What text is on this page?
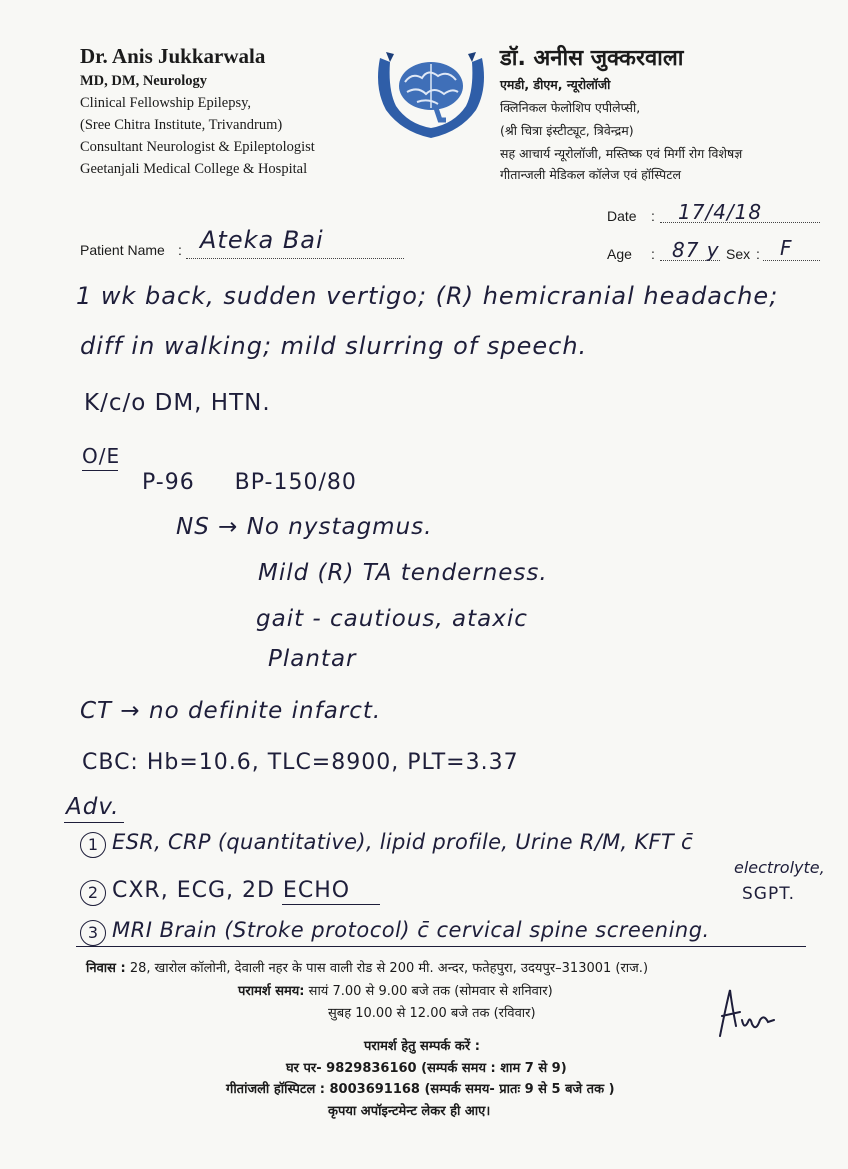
Dr. Anis Jukkarwala
MD, DM, Neurology
Clinical Fellowship Epilepsy,
(Sree Chitra Institute, Trivandrum)
Consultant Neurologist & Epileptologist
Geetanjali Medical College & Hospital
डॉ. अनीस जुक्करवाला
एमडी, डीएम, न्यूरोलॉजी
क्लिनिकल फेलोशिप एपीलेप्सी,
(श्री चित्रा इंस्टीट्यूट, त्रिवेन्द्रम)
सह आचार्य न्यूरोलॉजी, मस्तिष्क एवं मिर्गी रोग विशेषज्ञ
गीतान्जली मेडिकल कॉलेज एवं हॉस्पिटल
Date : 17/4/18
Patient Name : Ateka Bai	Age : 87 y Sex : F
1 wk back, sudden vertigo; (R) hemicranial headache;
diff in walking; mild slurring of speech.
K/c/o DM, HTN.
O/E
P-96     BP-150/80
NS → No nystagmus.
Mild (R) TA tenderness.
gait - cautious, ataxic
Plantar
CT → no definite infarct.
CBC: Hb=10.6, TLC=8900, PLT=3.37
Adv.
1 ESR, CRP (quantitative), lipid profile, Urine R/M, KFT c̄
electrolyte,
SGPT.
2 CXR, ECG, 2D ECHO
3 MRI Brain (Stroke protocol) c̄ cervical spine screening.
निवास : 28, खारोल कॉलोनी, देवाली नहर के पास वाली रोड से 200 मी. अन्दर, फतेहपुरा, उदयपुर–313001 (राज.)
परामर्श समय: सायं 7.00 से 9.00 बजे तक (सोमवार से शनिवार)
सुबह 10.00 से 12.00 बजे तक (रविवार)
परामर्श हेतु सम्पर्क करें :
घर पर- 9829836160 (सम्पर्क समय : शाम 7 से 9)
गीतांजली हॉस्पिटल : 8003691168 (सम्पर्क समय- प्रातः 9 से 5 बजे तक )
कृपया अपॉइन्टमेन्ट लेकर ही आए।
